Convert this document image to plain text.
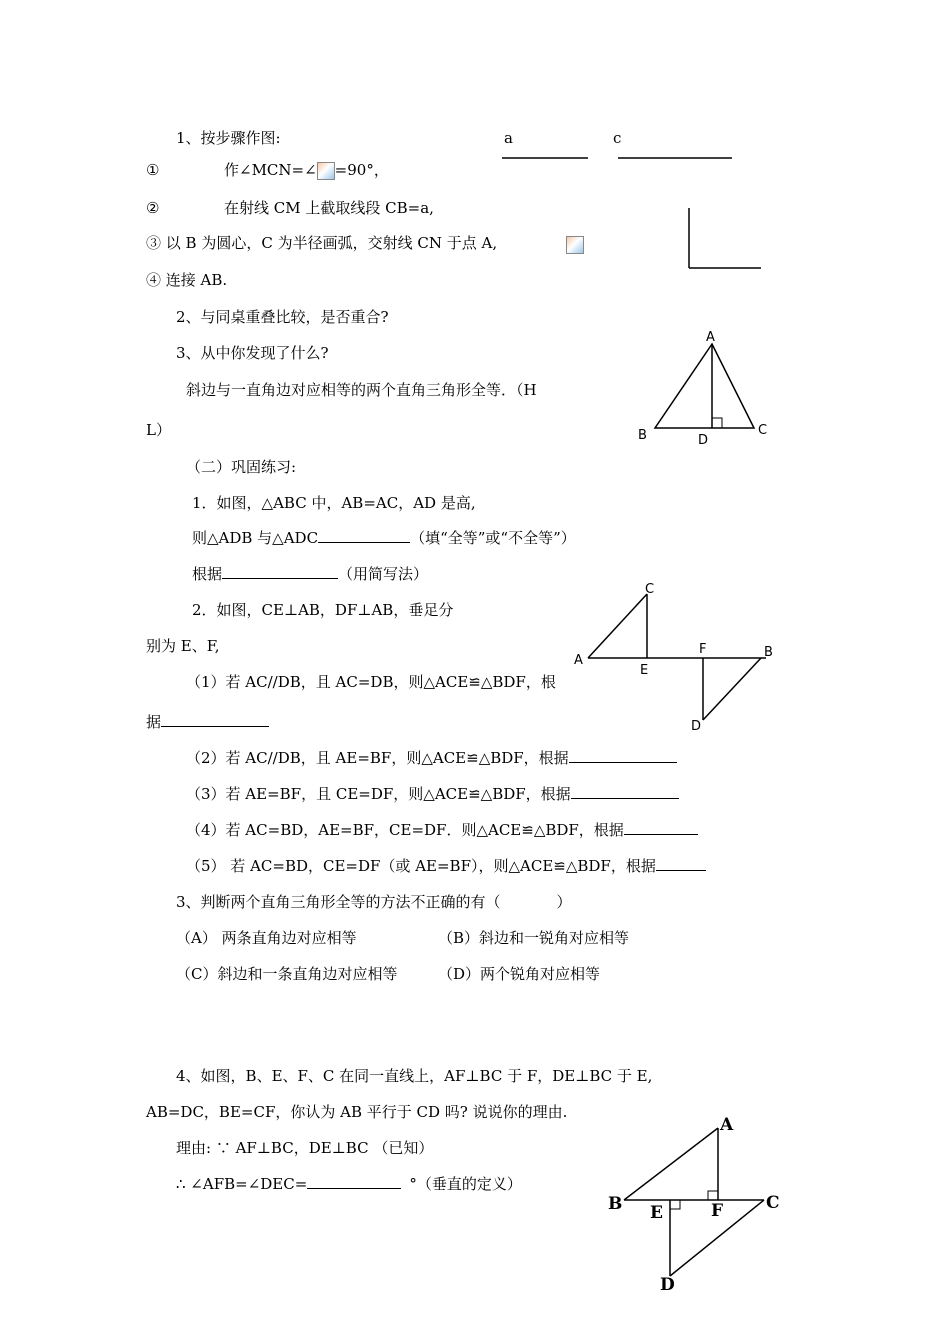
1、按步骤作图:	a	c
①	作∠MCN=∠ =90°，
②	在射线 CM 上截取线段 CB=a,
③ 以 B 为圆心，C 为半径画弧，交射线 CN 于点 A,
④ 连接 AB.
2、与同桌重叠比较，是否重合?
3、从中你发现了什么?
斜边与一直角边对应相等的两个直角三角形全等．（H
L）
A
B	C
D
（二）巩固练习:
1．如图，△ABC 中，AB=AC，AD 是高,
则△ADB 与△ADC	（填“全等”或“不全等”）
根据	（用简写法）
2．如图，CE⊥AB，DF⊥AB，垂足分
别为 E、F,
（1）若 AC//DB，且 AC=DB，则△ACE≌△BDF，根
据
C
A
E
F	B
D
（2）若 AC//DB，且 AE=BF，则△ACE≌△BDF，根据
（3）若 AE=BF，且 CE=DF，则△ACE≌△BDF，根据
（4）若 AC=BD，AE=BF，CE=DF．则△ACE≌△BDF，根据
（5） 若 AC=BD，CE=DF（或 AE=BF），则△ACE≌△BDF，根据
3、判断两个直角三角形全等的方法不正确的有（	）
（A） 两条直角边对应相等	（B）斜边和一锐角对应相等
（C）斜边和一条直角边对应相等	（D）两个锐角对应相等
4、如图，B、E、F、C 在同一直线上，AF⊥BC 于 F，DE⊥BC 于 E,
AB=DC，BE=CF，你认为 AB 平行于 CD 吗? 说说你的理由.
理由: ∵ AF⊥BC，DE⊥BC （已知）
∴ ∠AFB=∠DEC=	°（垂直的定义）
A
B	C
E	F
D
